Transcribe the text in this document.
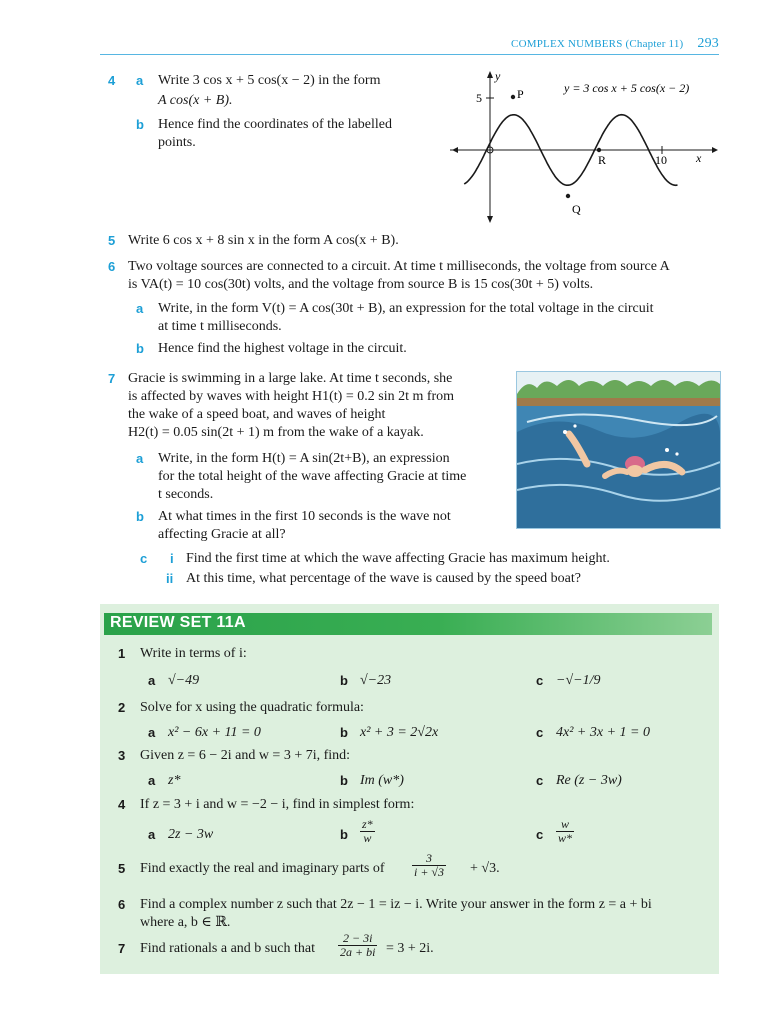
COMPLEX NUMBERS (Chapter 11) 293
4 a Write 3 cos x + 5 cos(x − 2) in the form
A cos(x + B).
b Hence find the coordinates of the labelled
points.
y
x
5
10
P
Q
R
y = 3 cos x + 5 cos(x − 2)
5 Write 6 cos x + 8 sin x in the form A cos(x + B).
6 Two voltage sources are connected to a circuit. At time t milliseconds, the voltage from source A
is VA(t) = 10 cos(30t) volts, and the voltage from source B is 15 cos(30t + 5) volts.
a Write, in the form V(t) = A cos(30t + B), an expression for the total voltage in the circuit
at time t milliseconds.
b Hence find the highest voltage in the circuit.
7 Gracie is swimming in a large lake. At time t seconds, she
is affected by waves with height H1(t) = 0.2 sin 2t m from
the wake of a speed boat, and waves of height
H2(t) = 0.05 sin(2t + 1) m from the wake of a kayak.
a Write, in the form H(t) = A sin(2t+B), an expression
for the total height of the wave affecting Gracie at time
t seconds.
b At what times in the first 10 seconds is the wave not
affecting Gracie at all?
c i Find the first time at which the wave affecting Gracie has maximum height.
ii At this time, what percentage of the wave is caused by the speed boat?
REVIEW SET 11A
1 Write in terms of i:
a √−49	b √−23	c −√−1/9
2 Solve for x using the quadratic formula:
a x² − 6x + 11 = 0	b x² + 3 = 2√2x	c 4x² + 3x + 1 = 0
3 Given z = 6 − 2i and w = 3 + 7i, find:
a z*	b Im (w*)	c Re (z − 3w)
4 If z = 3 + i and w = −2 − i, find in simplest form:
a 2z − 3w	b $\frac{z*}{w}$	c $\frac{w}{w*}$
5 Find exactly the real and imaginary parts of $\frac{3}{i + √3} + √3$.
6 Find a complex number z such that 2z − 1 = iz − i. Write your answer in the form z = a + bi
where a, b ∈ ℝ.
7 Find rationals a and b such that $\frac{2 - 3i}{2a + bi} = 3 + 2i$.
